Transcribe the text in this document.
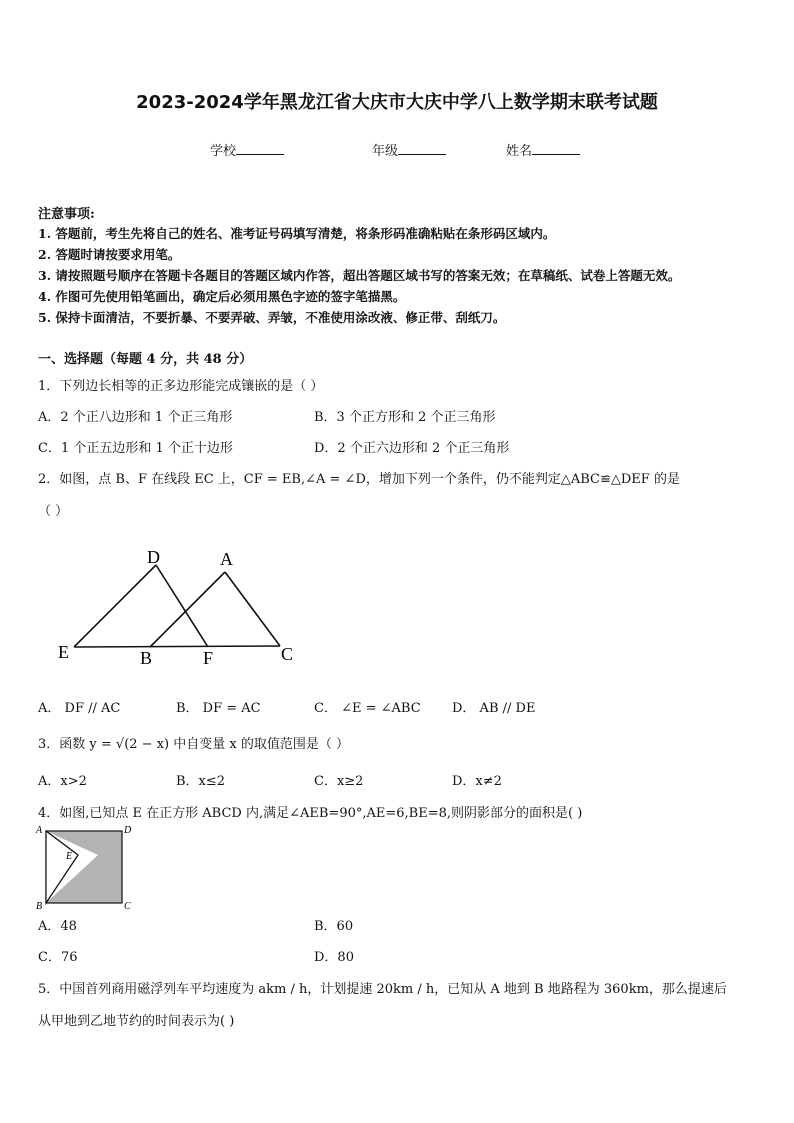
2023-2024学年黑龙江省大庆市大庆中学八上数学期末联考试题
学校	年级	姓名
注意事项:
1. 答题前，考生先将自己的姓名、准考证号码填写清楚，将条形码准确粘贴在条形码区域内。
2. 答题时请按要求用笔。
3. 请按照题号顺序在答题卡各题目的答题区域内作答，超出答题区域书写的答案无效；在草稿纸、试卷上答题无效。
4. 作图可先使用铅笔画出，确定后必须用黑色字迹的签字笔描黑。
5. 保持卡面清洁，不要折暴、不要弄破、弄皱，不准使用涂改液、修正带、刮纸刀。
一、选择题（每题 4 分，共 48 分）
1．下列边长相等的正多边形能完成镶嵌的是（ ）
A．2 个正八边形和 1 个正三角形	B．3 个正方形和 2 个正三角形
C．1 个正五边形和 1 个正十边形	D．2 个正六边形和 2 个正三角形
2．如图，点 B、F 在线段 EC 上，CF = EB,∠A = ∠D，增加下列一个条件，仍不能判定△ABC≌△DEF 的是
（ ）
D	A
E	B	F	C
A． DF // AC	B． DF = AC	C． ∠E = ∠ABC D． AB // DE
3．函数 y = √(2 − x) 中自变量 x 的取值范围是（ ）
A．x>2	B．x≤2	C．x≥2	D．x≠2
4．如图,已知点 E 在正方形 ABCD 内,满足∠AEB=90°,AE=6,BE=8,则阴影部分的面积是( )
A	D
E
B	C
A．48	B．60
C．76	D．80
5．中国首列商用磁浮列车平均速度为 akm / h，计划提速 20km / h，已知从 A 地到 B 地路程为 360km，那么提速后
从甲地到乙地节约的时间表示为( )
